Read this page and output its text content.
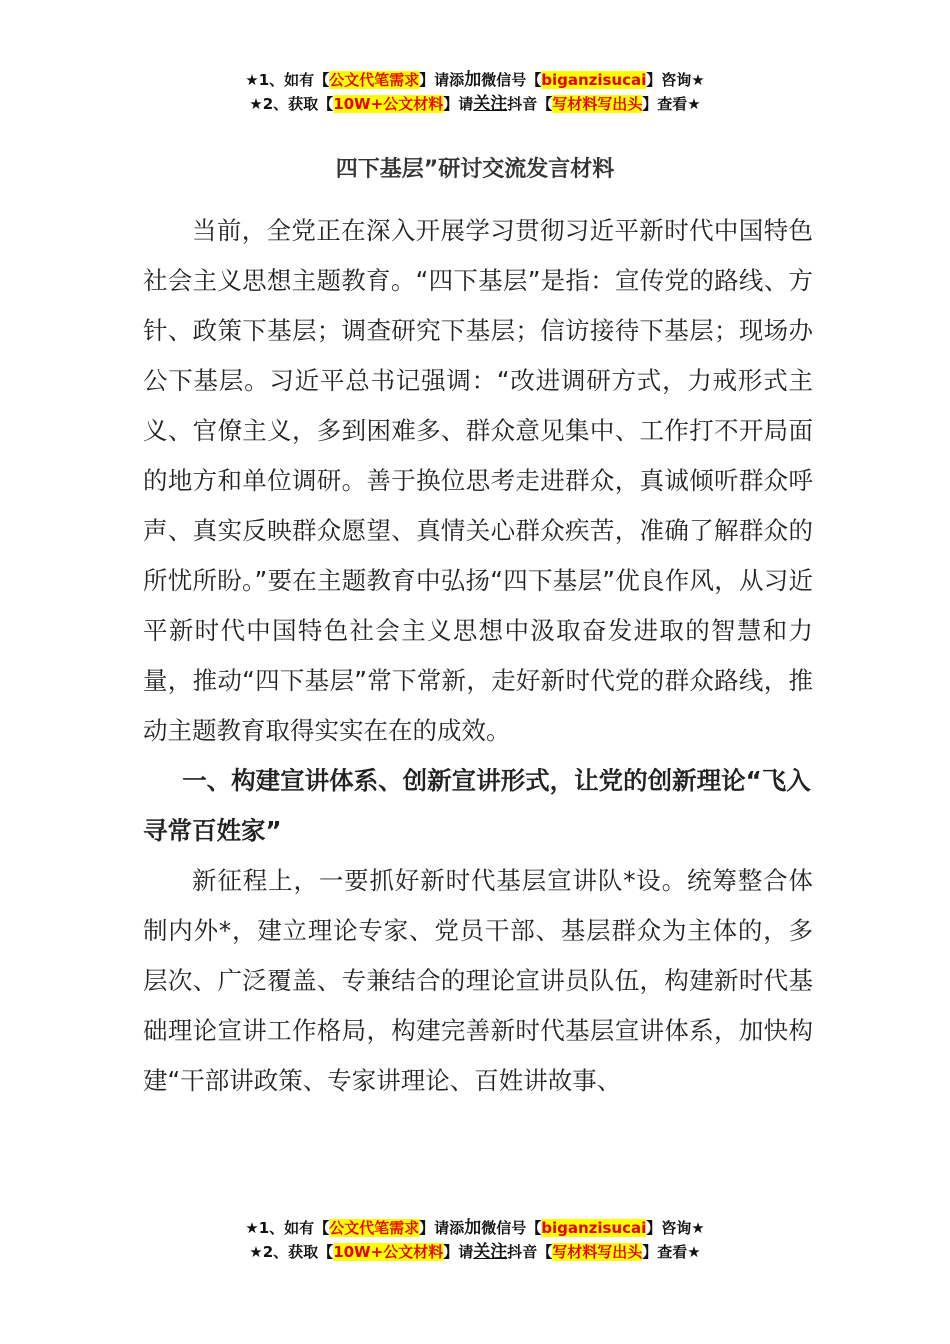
★1、如有【公文代笔需求】请添加微信号【biganzisucai】咨询★
★2、获取【10W+公文材料】请关注抖音【写材料写出头】查看★
四下基层”研讨交流发言材料

当前，全党正在深入开展学习贯彻习近平新时代中国特色社会主义思想主题教育。“四下基层”是指：宣传党的路线、方针、政策下基层；调查研究下基层；信访接待下基层；现场办公下基层。习近平总书记强调：“改进调研方式，力戒形式主义、官僚主义，多到困难多、群众意见集中、工作打不开局面的地方和单位调研。善于换位思考走进群众，真诚倾听群众呼声、真实反映群众愿望、真情关心群众疾苦，准确了解群众的所忧所盼。”要在主题教育中弘扬“四下基层”优良作风，从习近平新时代中国特色社会主义思想中汲取奋发进取的智慧和力量，推动“四下基层”常下常新，走好新时代党的群众路线，推动主题教育取得实实在在的成效。

一、构建宣讲体系、创新宣讲形式，让党的创新理论“飞入寻常百姓家”

新征程上，一要抓好新时代基层宣讲队*设。统筹整合体制内外*，建立理论专家、党员干部、基层群众为主体的，多层次、广泛覆盖、专兼结合的理论宣讲员队伍，构建新时代基础理论宣讲工作格局，构建完善新时代基层宣讲体系，加快构建“干部讲政策、专家讲理论、百姓讲故事、

★1、如有【公文代笔需求】请添加微信号【biganzisucai】咨询★
★2、获取【10W+公文材料】请关注抖音【写材料写出头】查看★
